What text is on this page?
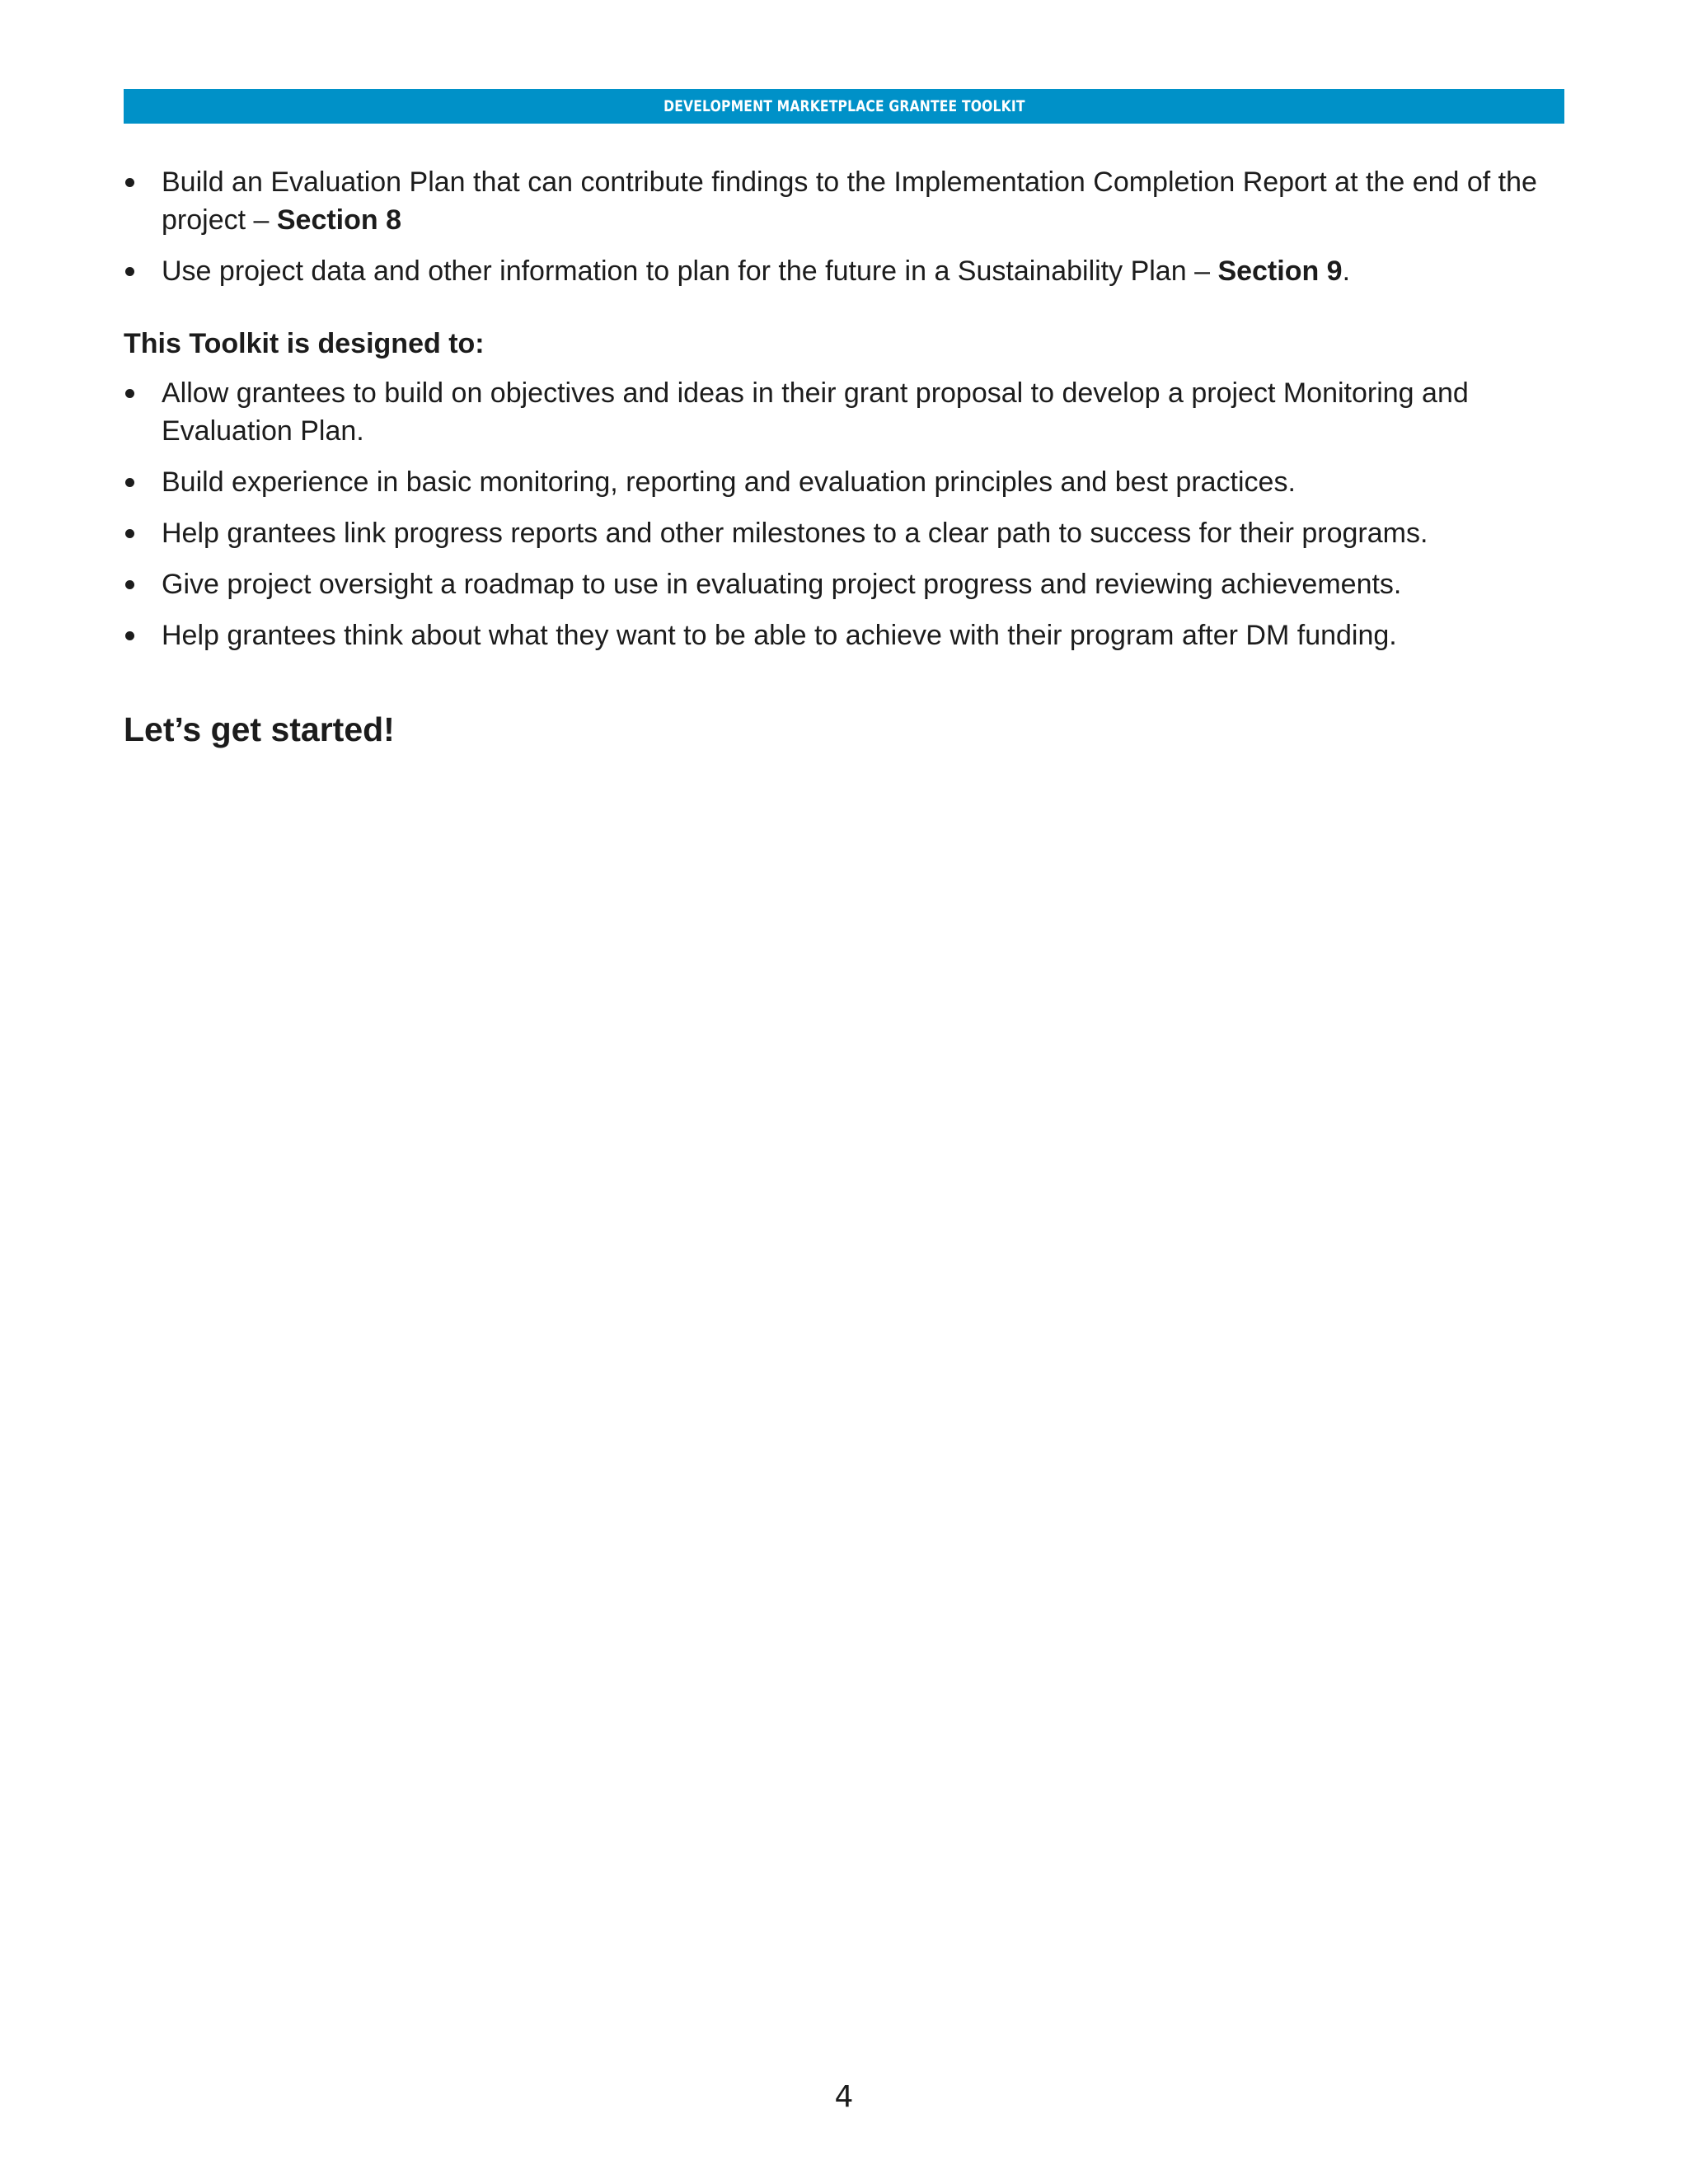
DEVELOPMENT MARKETPLACE GRANTEE TOOLKIT
Build an Evaluation Plan that can contribute findings to the Implementation Completion Report at the end of the project – Section 8
Use project data and other information to plan for the future in a Sustainability Plan – Section 9.
This Toolkit is designed to:
Allow grantees to build on objectives and ideas in their grant proposal to develop a project Monitoring and Evaluation Plan.
Build experience in basic monitoring, reporting and evaluation principles and best practices.
Help grantees link progress reports and other milestones to a clear path to success for their programs.
Give project oversight a roadmap to use in evaluating project progress and reviewing achievements.
Help grantees think about what they want to be able to achieve with their program after DM funding.
Let’s get started!
4
